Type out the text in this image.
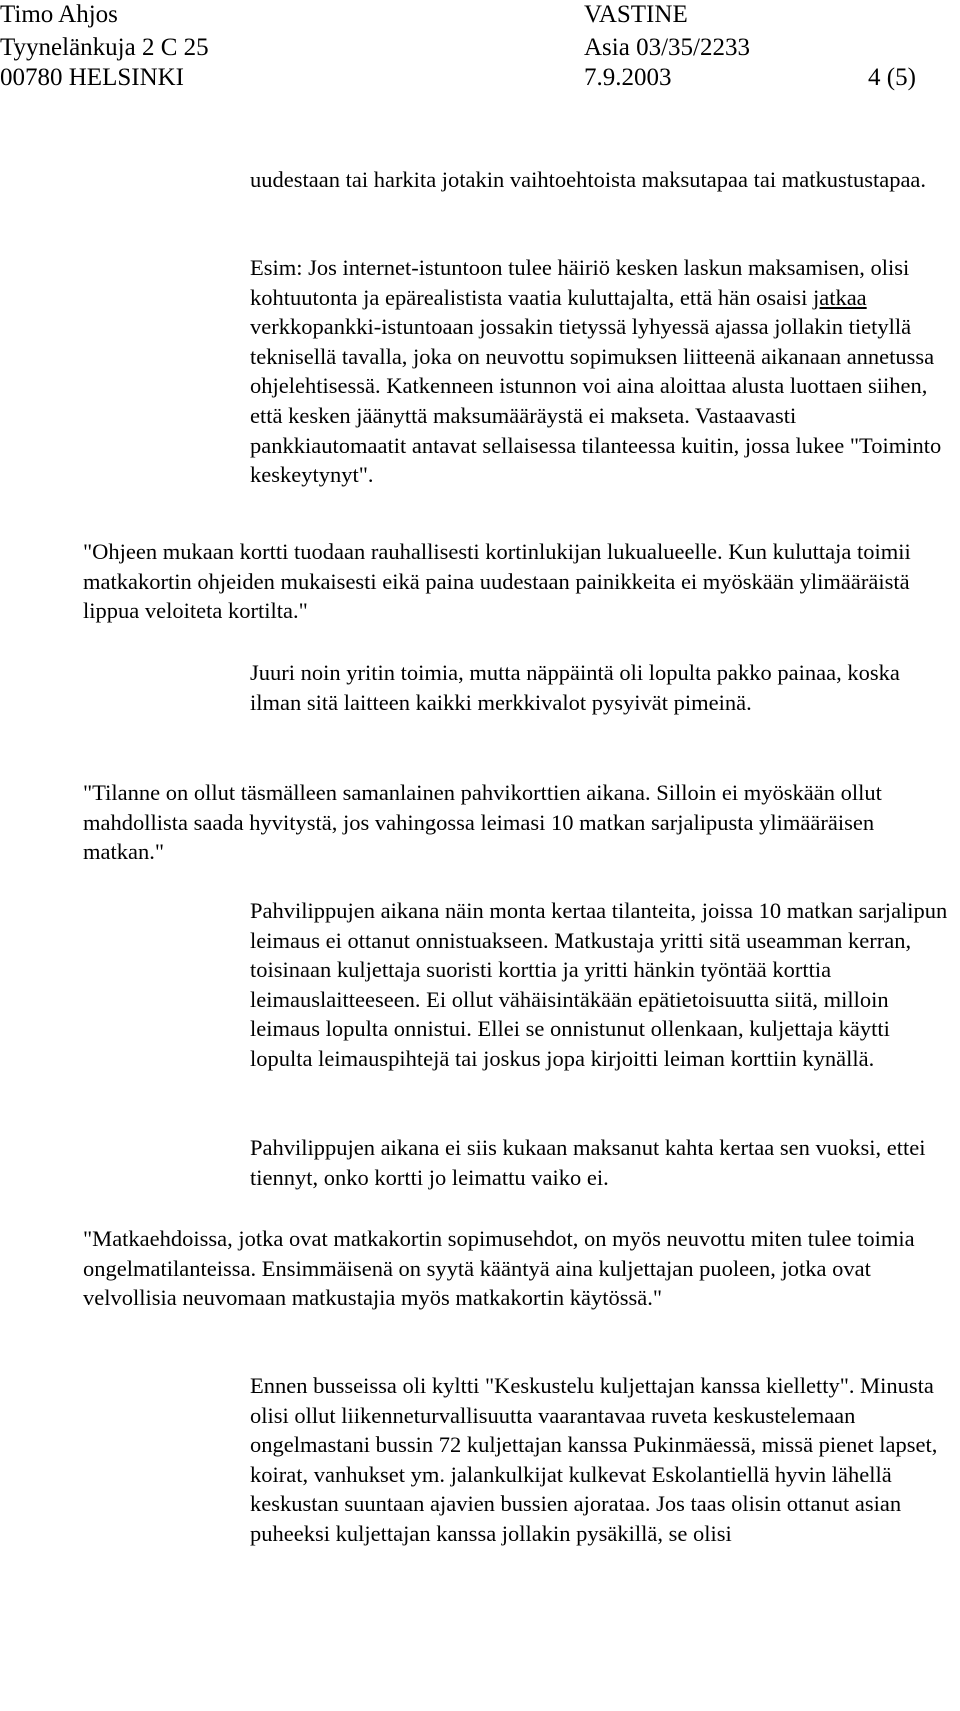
Timo Ahjos
Tyynelänkuja 2 C 25
00780 HELSINKI
VASTINE
Asia 03/35/2233
7.9.2003	4 (5)

uudestaan tai harkita jotakin vaihtoehtoista maksutapaa tai matkustustapaa.

Esim: Jos internet-istuntoon tulee häiriö kesken laskun maksamisen, olisi kohtuutonta ja epärealistista vaatia kuluttajalta, että hän osaisi jatkaa verkkopankki-istuntoaan jossakin tietyssä lyhyessä ajassa jollakin tietyllä teknisellä tavalla, joka on neuvottu sopimuksen liitteenä aikanaan annetussa ohjelehtisessä. Katkenneen istunnon voi aina aloittaa alusta luottaen siihen, että kesken jäänyttä maksumääräystä ei makseta. Vastaavasti pankkiautomaatit antavat sellaisessa tilanteessa kuitin, jossa lukee "Toiminto keskeytynyt".

"Ohjeen mukaan kortti tuodaan rauhallisesti kortinlukijan lukualueelle. Kun kuluttaja toimii matkakortin ohjeiden mukaisesti eikä paina uudestaan painikkeita ei myöskään ylimääräistä lippua veloiteta kortilta."

Juuri noin yritin toimia, mutta näppäintä oli lopulta pakko painaa, koska ilman sitä laitteen kaikki merkkivalot pysyivät pimeinä.

"Tilanne on ollut täsmälleen samanlainen pahvikorttien aikana. Silloin ei myöskään ollut mahdollista saada hyvitystä, jos vahingossa leimasi 10 matkan sarjalipusta ylimääräisen matkan."

Pahvilippujen aikana näin monta kertaa tilanteita, joissa 10 matkan sarjalipun leimaus ei ottanut onnistuakseen. Matkustaja yritti sitä useamman kerran, toisinaan kuljettaja suoristi korttia ja yritti hänkin työntää korttia leimauslaitteeseen. Ei ollut vähäisintäkään epätietoisuutta siitä, milloin leimaus lopulta onnistui. Ellei se onnistunut ollenkaan, kuljettaja käytti lopulta leimauspihtejä tai joskus jopa kirjoitti leiman korttiin kynällä.

Pahvilippujen aikana ei siis kukaan maksanut kahta kertaa sen vuoksi, ettei tiennyt, onko kortti jo leimattu vaiko ei.

"Matkaehdoissa, jotka ovat matkakortin sopimusehdot, on myös neuvottu miten tulee toimia ongelmatilanteissa. Ensimmäisenä on syytä kääntyä aina kuljettajan puoleen, jotka ovat velvollisia neuvomaan matkustajia myös matkakortin käytössä."

Ennen busseissa oli kyltti "Keskustelu kuljettajan kanssa kielletty". Minusta olisi ollut liikenneturvallisuutta vaarantavaa ruveta keskustelemaan ongelmastani bussin 72 kuljettajan kanssa Pukinmäessä, missä pienet lapset, koirat, vanhukset ym. jalankulkijat kulkevat Eskolantiellä hyvin lähellä keskustan suuntaan ajavien bussien ajorataa. Jos taas olisin ottanut asian puheeksi kuljettajan kanssa jollakin pysäkillä, se olisi
